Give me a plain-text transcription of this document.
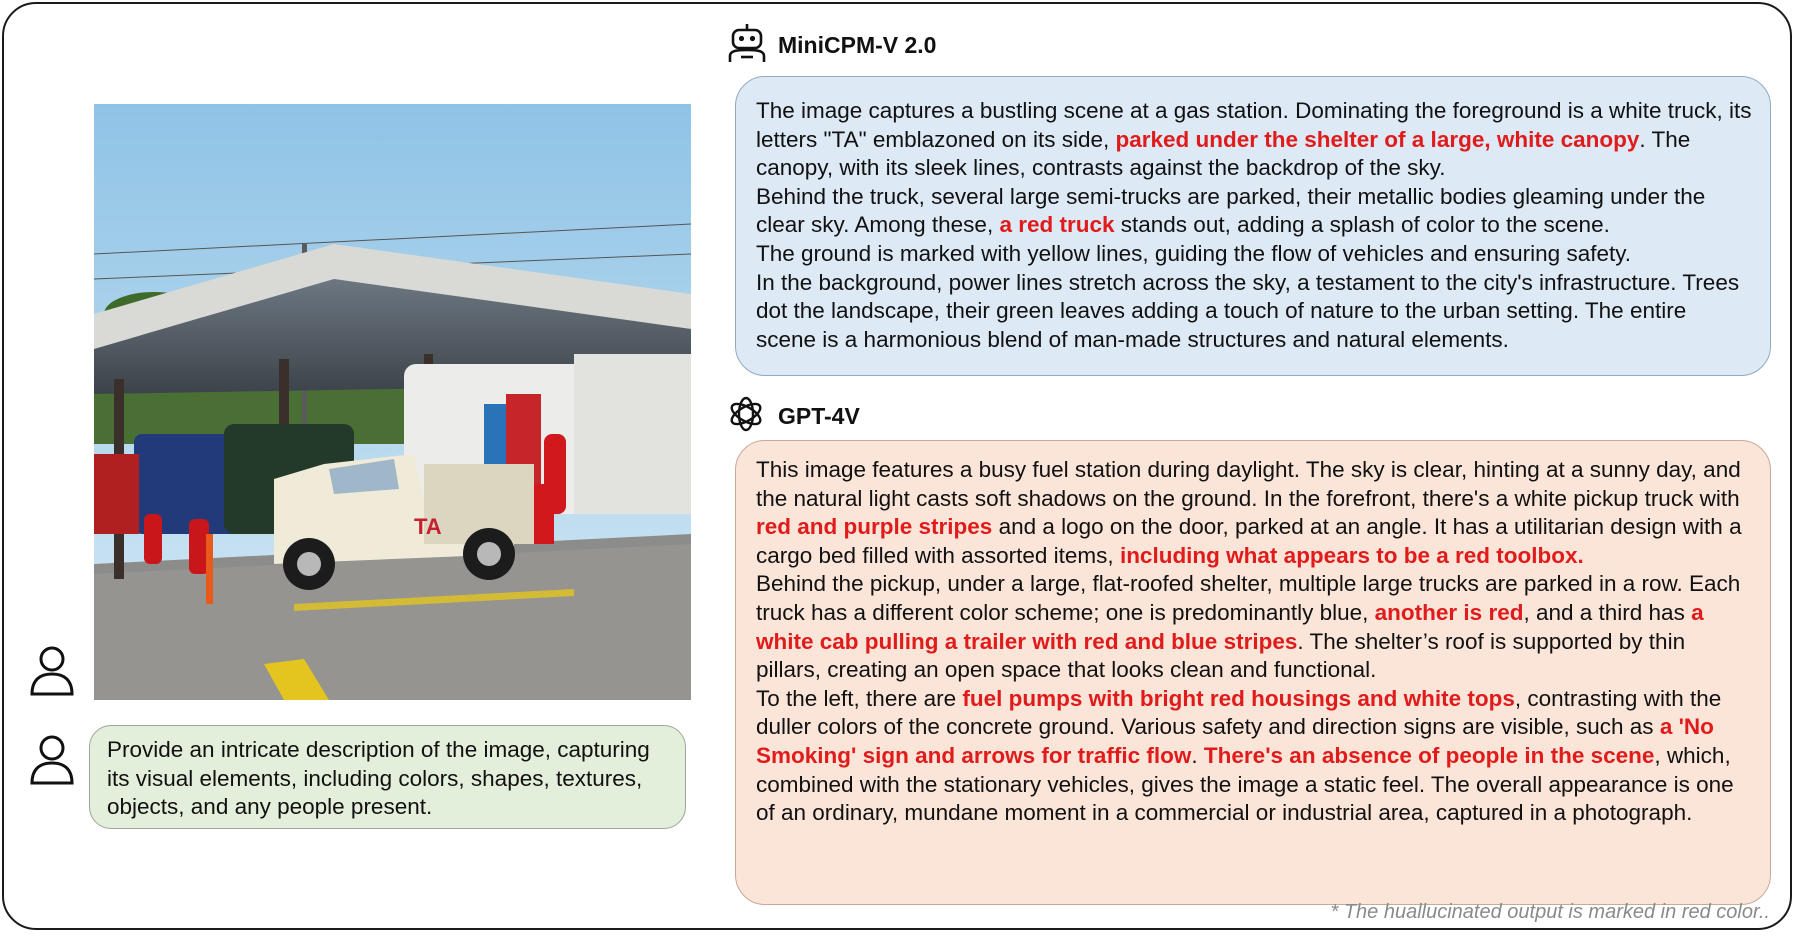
TA

Provide an intricate description of the image, capturing its visual elements, including colors, shapes, textures, objects, and any people present.

MiniCPM-V 2.0

The image captures a bustling scene at a gas station. Dominating the foreground is a white truck, its letters "TA" emblazoned on its side, parked under the shelter of a large, white canopy. The canopy, with its sleek lines, contrasts against the backdrop of the sky.

Behind the truck, several large semi-trucks are parked, their metallic bodies gleaming under the clear sky. Among these, a red truck stands out, adding a splash of color to the scene.

The ground is marked with yellow lines, guiding the flow of vehicles and ensuring safety.

In the background, power lines stretch across the sky, a testament to the city's infrastructure. Trees dot the landscape, their green leaves adding a touch of nature to the urban setting. The entire scene is a harmonious blend of man-made structures and natural elements.

GPT-4V

This image features a busy fuel station during daylight. The sky is clear, hinting at a sunny day, and the natural light casts soft shadows on the ground. In the forefront, there's a white pickup truck with red and purple stripes and a logo on the door, parked at an angle. It has a utilitarian design with a cargo bed filled with assorted items, including what appears to be a red toolbox.

Behind the pickup, under a large, flat-roofed shelter, multiple large trucks are parked in a row. Each truck has a different color scheme; one is predominantly blue, another is red, and a third has a white cab pulling a trailer with red and blue stripes. The shelter’s roof is supported by thin pillars, creating an open space that looks clean and functional.

To the left, there are fuel pumps with bright red housings and white tops, contrasting with the duller colors of the concrete ground. Various safety and direction signs are visible, such as a 'No Smoking' sign and arrows for traffic flow. There's an absence of people in the scene, which, combined with the stationary vehicles, gives the image a static feel. The overall appearance is one of an ordinary, mundane moment in a commercial or industrial area, captured in a photograph.

* The huallucinated output is marked in red color..
